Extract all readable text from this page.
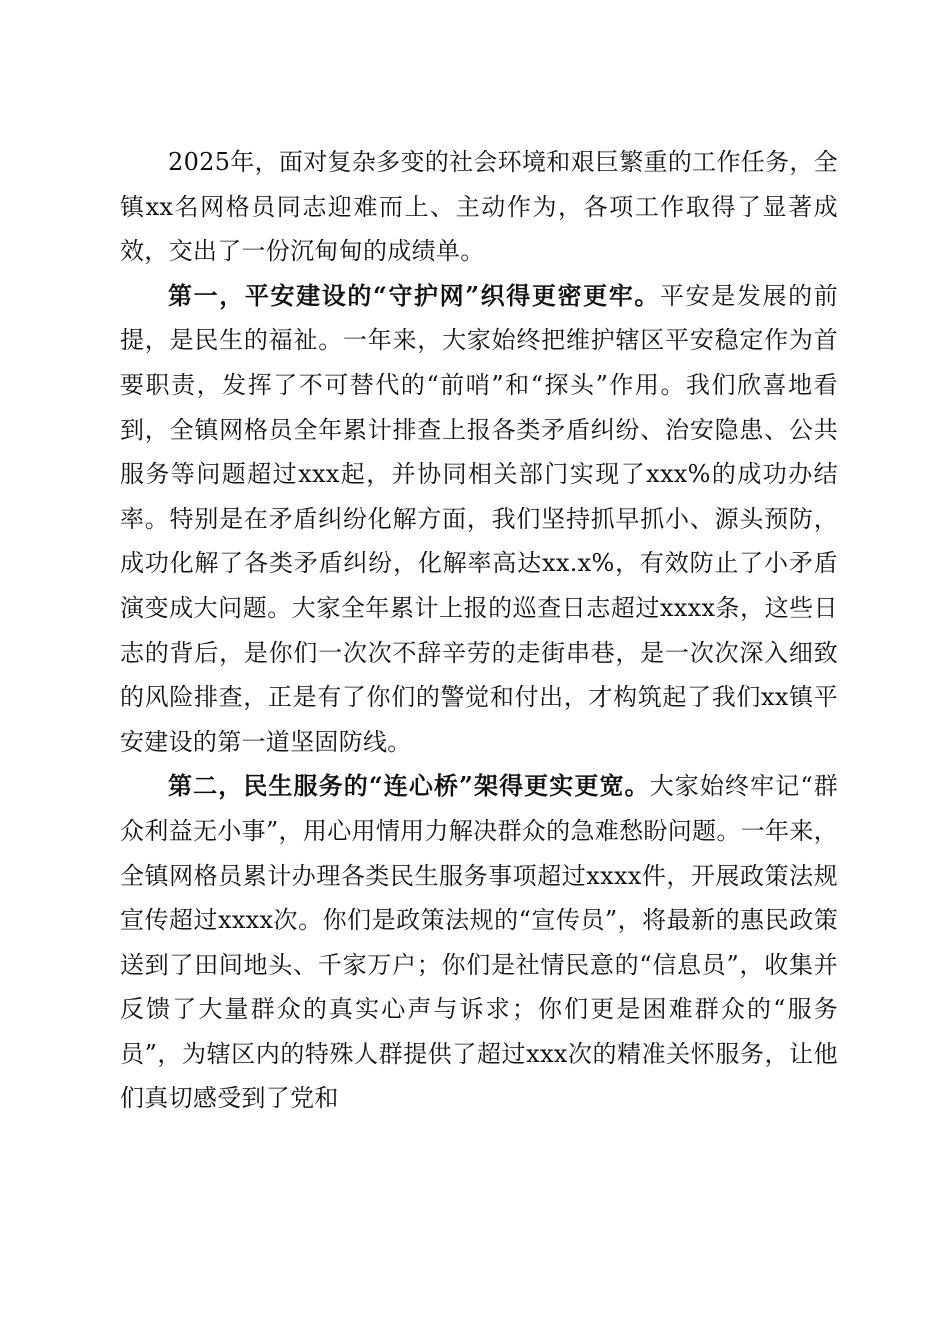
2025年，面对复杂多变的社会环境和艰巨繁重的工作任务，全镇xx名网格员同志迎难而上、主动作为，各项工作取得了显著成效，交出了一份沉甸甸的成绩单。

第一，平安建设的“守护网”织得更密更牢。平安是发展的前提，是民生的福祉。一年来，大家始终把维护辖区平安稳定作为首要职责，发挥了不可替代的“前哨”和“探头”作用。我们欣喜地看到，全镇网格员全年累计排查上报各类矛盾纠纷、治安隐患、公共服务等问题超过xxx起，并协同相关部门实现了xxx%的成功办结率。特别是在矛盾纠纷化解方面，我们坚持抓早抓小、源头预防，成功化解了各类矛盾纠纷，化解率高达xx.x%，有效防止了小矛盾演变成大问题。大家全年累计上报的巡查日志超过xxxx条，这些日志的背后，是你们一次次不辞辛劳的走街串巷，是一次次深入细致的风险排查，正是有了你们的警觉和付出，才构筑起了我们xx镇平安建设的第一道坚固防线。

第二，民生服务的“连心桥”架得更实更宽。大家始终牢记“群众利益无小事”，用心用情用力解决群众的急难愁盼问题。一年来，全镇网格员累计办理各类民生服务事项超过xxxx件，开展政策法规宣传超过xxxx次。你们是政策法规的“宣传员”，将最新的惠民政策送到了田间地头、千家万户；你们是社情民意的“信息员”，收集并反馈了大量群众的真实心声与诉求；你们更是困难群众的“服务员”，为辖区内的特殊人群提供了超过xxx次的精准关怀服务，让他们真切感受到了党和
